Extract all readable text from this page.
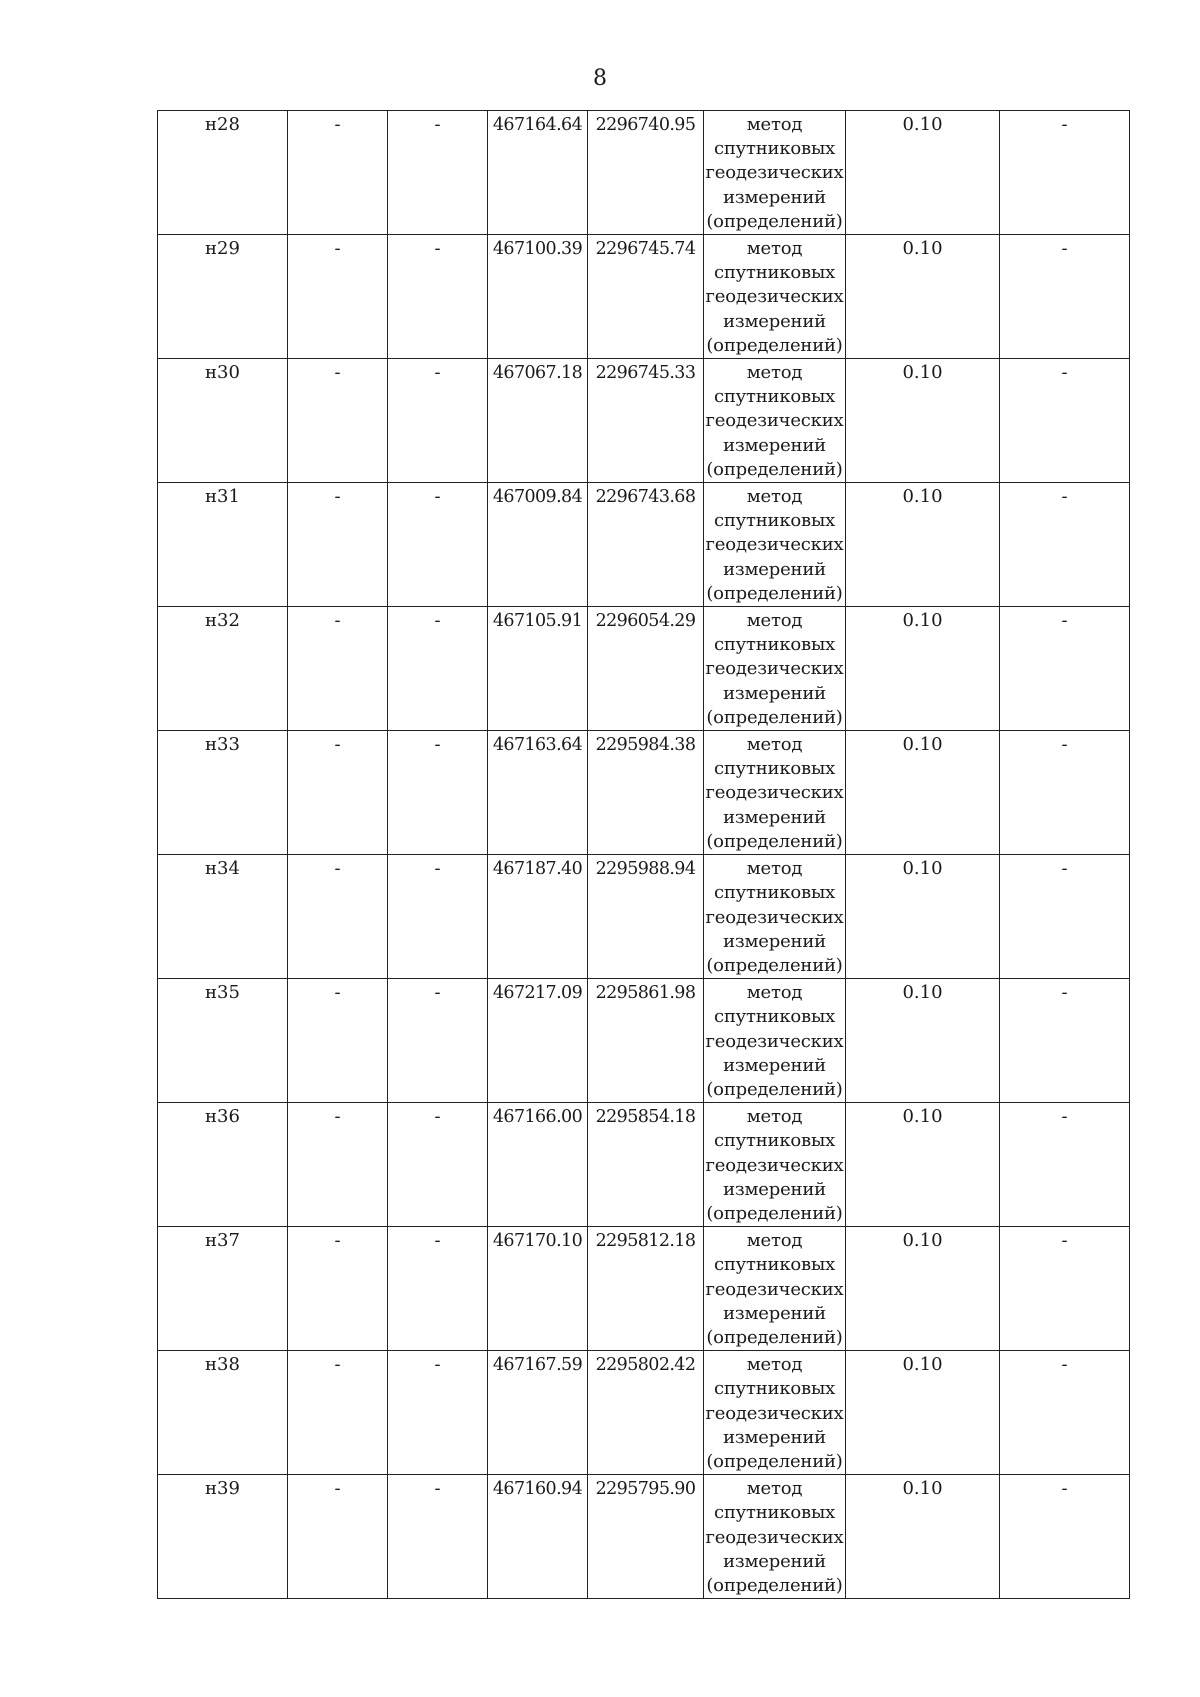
8
н28	-	-	467164.64	2296740.95	метод
спутниковых
геодезических
измерений
(определений)	0.10	-
н29	-	-	467100.39	2296745.74	метод
спутниковых
геодезических
измерений
(определений)	0.10	-
н30	-	-	467067.18	2296745.33	метод
спутниковых
геодезических
измерений
(определений)	0.10	-
н31	-	-	467009.84	2296743.68	метод
спутниковых
геодезических
измерений
(определений)	0.10	-
н32	-	-	467105.91	2296054.29	метод
спутниковых
геодезических
измерений
(определений)	0.10	-
н33	-	-	467163.64	2295984.38	метод
спутниковых
геодезических
измерений
(определений)	0.10	-
н34	-	-	467187.40	2295988.94	метод
спутниковых
геодезических
измерений
(определений)	0.10	-
н35	-	-	467217.09	2295861.98	метод
спутниковых
геодезических
измерений
(определений)	0.10	-
н36	-	-	467166.00	2295854.18	метод
спутниковых
геодезических
измерений
(определений)	0.10	-
н37	-	-	467170.10	2295812.18	метод
спутниковых
геодезических
измерений
(определений)	0.10	-
н38	-	-	467167.59	2295802.42	метод
спутниковых
геодезических
измерений
(определений)	0.10	-
н39	-	-	467160.94	2295795.90	метод
спутниковых
геодезических
измерений
(определений)	0.10	-
